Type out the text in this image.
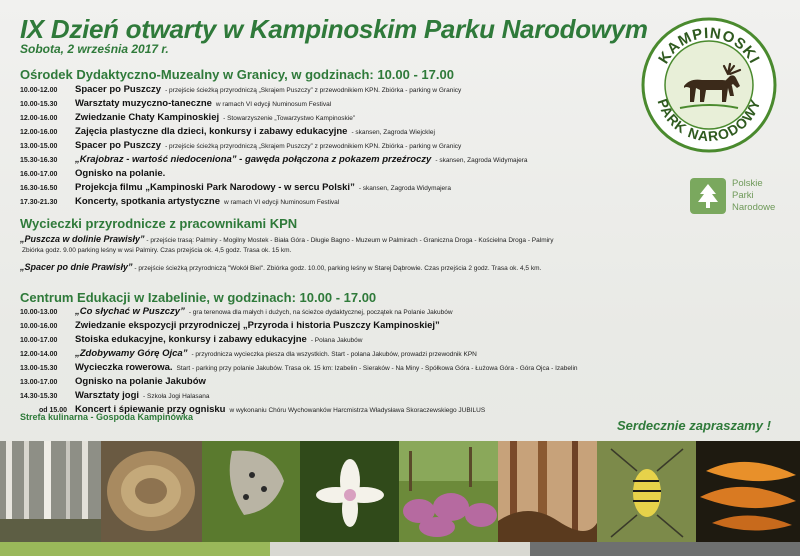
IX Dzień otwarty w Kampinoskim Parku Narodowym
Sobota, 2 września 2017 r.	KAMPINOSKI
PARK NARODOWY
Polskie
Parki
Narodowe
Ośrodek Dydaktyczno-Muzealny w Granicy, w godzinach: 10.00 - 17.00
10.00-12.00	Spacer po Puszczy - przejście ścieżką przyrodniczą „Skrajem Puszczy” z przewodnikiem KPN. Zbiórka - parking w Granicy
10.00-15.30	Warsztaty muzyczno-taneczne w ramach VI edycji Numinosum Festival
12.00-16.00	Zwiedzanie Chaty Kampinoskiej - Stowarzyszenie „Towarzystwo Kampinoskie”
12.00-16.00	Zajęcia plastyczne dla dzieci, konkursy i zabawy edukacyjne - skansen, Zagroda Wiejcklej
13.00-15.00	Spacer po Puszczy - przejście ścieżką przyrodniczą „Skrajem Puszczy” z przewodnikiem KPN. Zbiórka - parking w Granicy
15.30-16.30	„Krajobraz - wartość niedoceniona” - gawęda połączona z pokazem przeźroczy - skansen, Zagroda Widymajera
16.00-17.00	Ognisko na polanie.
16.30-16.50	Projekcja filmu „Kampinoski Park Narodowy - w sercu Polski” - skansen, Zagroda Widymajera
17.30-21.30	Koncerty, spotkania artystyczne w ramach VI edycji Numinosum Festival
Wycieczki przyrodnicze z pracownikami KPN
„Puszcza w dolinie Prawisły” - przejście trasą: Palmiry - Mogilny Mostek - Biała Góra - Długie Bagno - Muzeum w Palmirach - Graniczna Droga - Kościelna Droga - Palmiry
Zbiórka godz. 9.00 parking leśny w wsi Palmiry. Czas przejścia ok. 4,5 godz. Trasa ok. 15 km.
„Spacer po dnie Prawisły” - przejście ścieżką przyrodniczą "Wokół Biel". Zbiórka godz. 10.00, parking leśny w Starej Dąbrowie. Czas przejścia 2 godz. Trasa ok. 4,5 km.
Centrum Edukacji w Izabelinie, w godzinach: 10.00 - 17.00
10.00-13.00	„Co słychać w Puszczy” - gra terenowa dla małych i dużych, na ścieżce dydaktycznej, początek na Polanie Jakubów
10.00-16.00	Zwiedzanie ekspozycji przyrodniczej „Przyroda i historia Puszczy Kampinoskiej”
10.00-17.00	Stoiska edukacyjne, konkursy i zabawy edukacyjne - Polana Jakubów
12.00-14.00	„Zdobywamy Górę Ojca” - przyrodnicza wycieczka piesza dla wszystkich. Start - polana Jakubów, prowadzi przewodnik KPN
13.00-15.30	Wycieczka rowerowa. Start - parking przy polanie Jakubów. Trasa ok. 15 km: Izabelin - Sieraków - Na Miny - Spółkowa Góra - Łużowa Góra - Góra Ojca - Izabelin
13.00-17.00	Ognisko na polanie Jakubów
14.30-15.30	Warsztaty jogi - Szkoła Jogi Halasana
od 15.00 Koncert i śpiewanie przy ognisku w wykonaniu Chóru Wychowanków Harcmistrza Władysława Skoraczewskiego JUBILUS
Strefa kulinarna - Gospoda Kampinówka
Serdecznie zapraszamy !
